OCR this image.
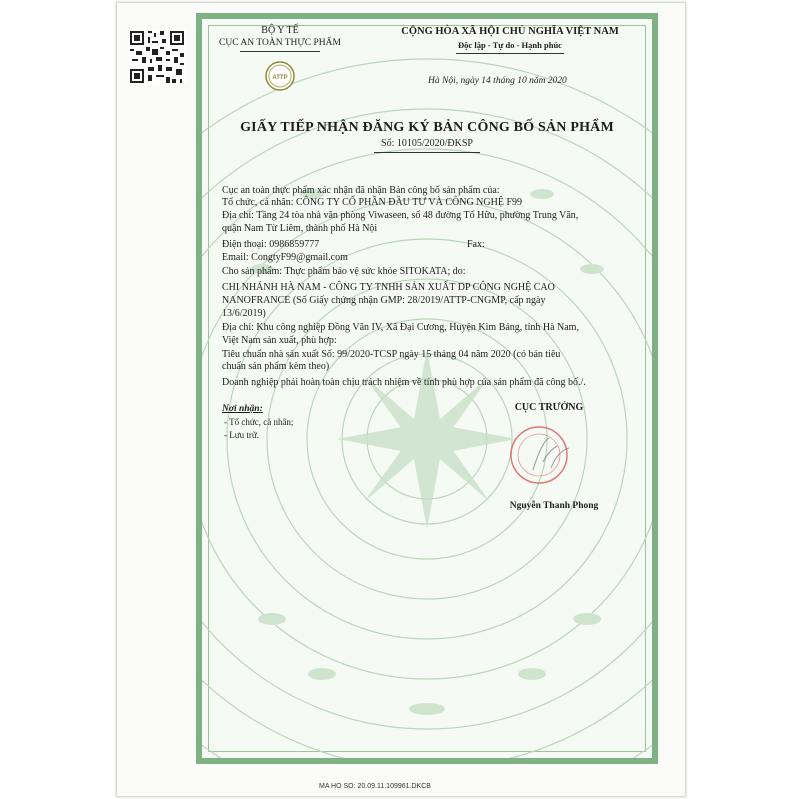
ATTP
BỘ Y TẾ
CỤC AN TOÀN THỰC PHẨM
CỘNG HÒA XÃ HỘI CHỦ NGHĨA VIỆT NAM
Độc lập - Tự do - Hạnh phúc
Hà Nội, ngày 14 tháng 10 năm 2020
GIẤY TIẾP NHẬN ĐĂNG KÝ BẢN CÔNG BỐ SẢN PHẨM
Số: 10105/2020/ĐKSP
Cục an toàn thực phẩm xác nhận đã nhận Bản công bố sản phẩm của:
Tổ chức, cá nhân: CÔNG TY CỔ PHẦN ĐẦU TƯ VÀ CÔNG NGHỆ F99
Địa chỉ: Tầng 24 tòa nhà văn phòng Viwaseen, số 48 đường Tố Hữu, phường Trung Văn,
quận Nam Từ Liêm, thành phố Hà Nội
Điện thoại: 0986859777	Fax:
Email: CongtyF99@gmail.com
Cho sản phẩm: Thực phẩm bảo vệ sức khỏe SITOKATA; do:
CHI NHÁNH HÀ NAM - CÔNG TY TNHH SẢN XUẤT DP CÔNG NGHỆ CAO
NANOFRANCE (Số Giấy chứng nhận GMP: 28/2019/ATTP-CNGMP, cấp ngày
13/6/2019)
Địa chỉ: Khu công nghiệp Đồng Văn IV, Xã Đại Cương, Huyện Kim Bảng, tỉnh Hà Nam,
Việt Nam sản xuất, phù hợp:
Tiêu chuẩn nhà sản xuất Số: 99/2020-TCSP ngày 15 tháng 04 năm 2020 (có bản tiêu
chuẩn sản phẩm kèm theo)
Doanh nghiệp phải hoàn toàn chịu trách nhiệm về tính phù hợp của sản phẩm đã công bố./.
Nơi nhận:
- Tổ chức, cá nhân;
- Lưu trữ.
CỤC TRƯỞNG
Nguyễn Thanh Phong
MA HO SO: 20.09.11.109961.DKCB
